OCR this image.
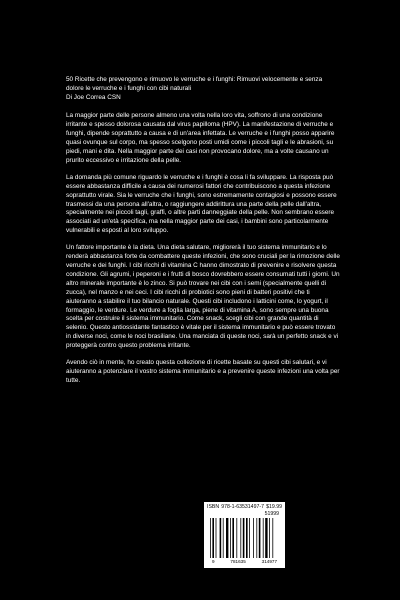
50 Ricette che prevengono e rimuovo le verruche e i funghi: Rimuovi velocemente e senza dolore le verruche e i funghi con cibi naturali
Di Joe Correa CSN

La maggior parte delle persone almeno una volta nella loro vita, soffrono di una condizione irritante e spesso dolorosa causata dal virus papilloma (HPV). La manifestazione di verruche e funghi, dipende soprattutto a causa e di un'area infettata. Le verruche e i funghi posso apparire quasi ovunque sul corpo, ma spesso scelgono posti umidi come i piccoli tagli e le abrasioni, su piedi, mani e dita. Nella maggior parte dei casi non provocano dolore, ma a volte causano un prurito eccessivo e irritazione della pelle.

La domanda più comune riguardo le verruche e i funghi è cosa li fa sviluppare. La risposta può essere abbastanza difficile a causa dei numerosi fattori che contribuiscono a questa infezione soprattutto virale. Sia le verruche che i funghi, sono estremamente contagiosi e possono essere trasmessi da una persona all'altra, o raggiungere addirittura una parte della pelle dall'altra, specialmente nei piccoli tagli, graffi, o altre parti danneggiate della pelle. Non sembrano essere associati ad un'età specifica, ma nella maggior parte dei casi, i bambini sono particolarmente vulnerabili e esposti al loro sviluppo.

Un fattore importante è la dieta. Una dieta salutare, migliorerà il tuo sistema immunitario e lo renderà abbastanza forte da combattere queste infezioni, che sono cruciali per la rimozione delle verruche e dei funghi. I cibi ricchi di vitamina C hanno dimostrato di prevenire e risolvere questa condizione. Gli agrumi, i peperoni e i frutti di bosco dovrebbero essere consumati tutti i giorni. Un altro minerale importante è lo zinco. Si può trovare nei cibi con i semi (specialmente quelli di zucca), nel manzo e nei ceci. I cibi ricchi di probiotici sono pieni di batteri positivi che ti aiuteranno a stabilire il tuo bilancio naturale. Questi cibi includono i latticini come, lo yogurt, il formaggio, le verdure. Le verdure a foglia larga, piene di vitamina A, sono sempre una buona scelta per costruire il sistema immunitario. Come snack, scegli cibi con grande quantità di selenio. Questo antiossidante fantastico è vitale per il sistema immunitario e può essere trovato in diverse noci, come le noci brasiliane. Una manciata di queste noci, sarà un perfetto snack e vi proteggerà contro questo problema irritante.

Avendo ciò in mente, ho creato questa collezione di ricette basate su questi cibi salutari, e vi aiuteranno a potenziare il vostro sistema immunitario e a prevenire queste infezioni una volta per tutte.

ISBN 978-1-63531497-7 $19.99
51999
9	781635	314977
